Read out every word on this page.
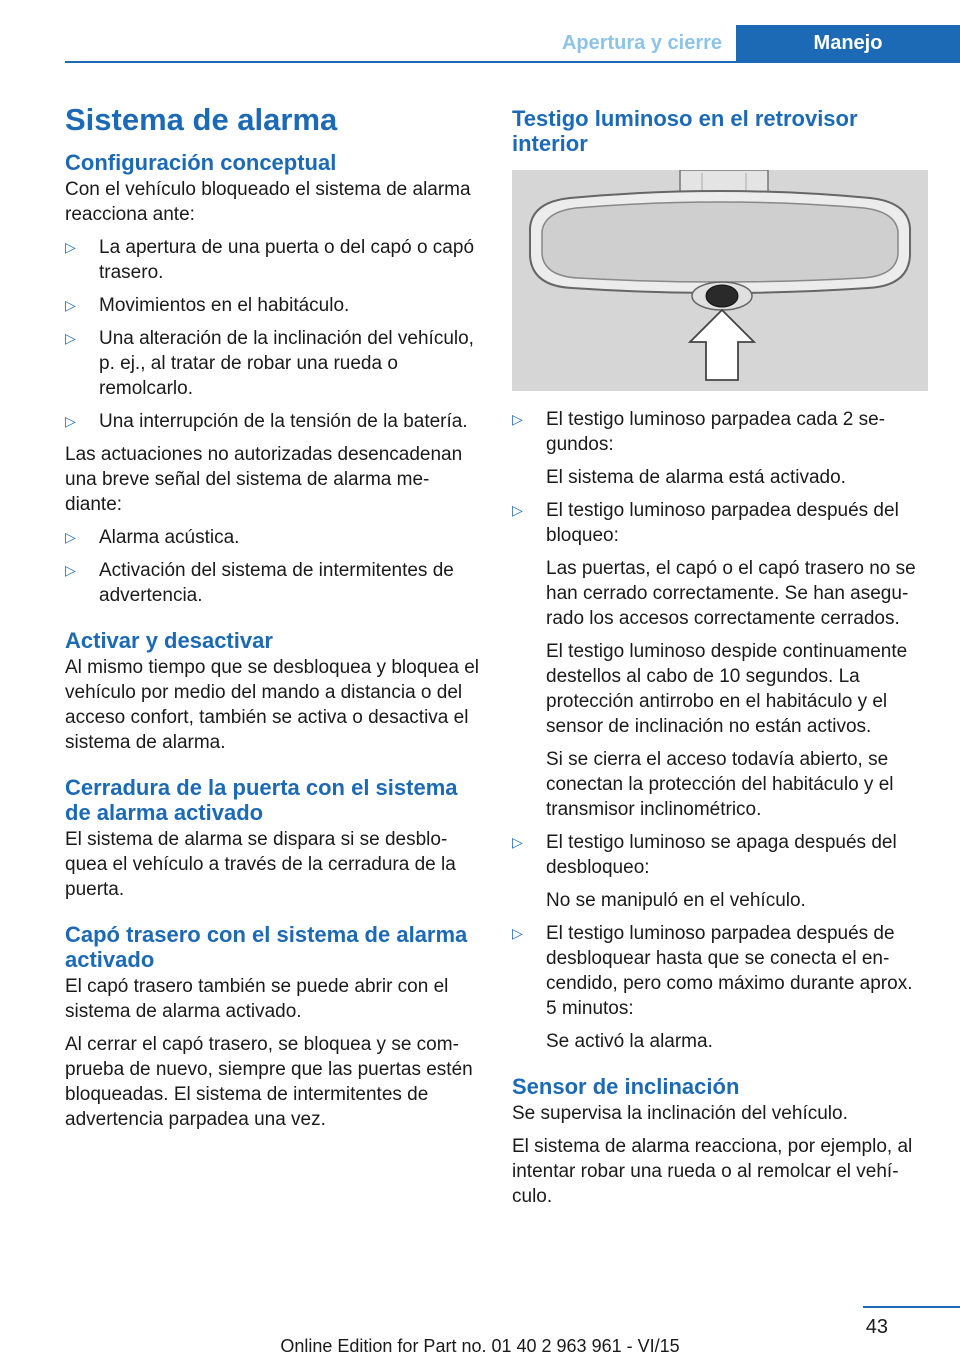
Apertura y cierre	Manejo
Sistema de alarma
Configuración conceptual

Con el vehículo bloqueado el sistema de alarma reacciona ante:

▷	La apertura de una puerta o del capó o capó trasero.
▷	Movimientos en el habitáculo.
▷	Una alteración de la inclinación del vehículo, p. ej., al tratar de robar una rueda o remolcarlo.
▷	Una interrupción de la tensión de la batería.

Las actuaciones no autorizadas desencadenan una breve señal del sistema de alarma mediante:

▷	Alarma acústica.
▷	Activación del sistema de intermitentes de advertencia.
Activar y desactivar

Al mismo tiempo que se desbloquea y bloquea el vehículo por medio del mando a distancia o del acceso confort, también se activa o desactiva el sistema de alarma.

Cerradura de la puerta con el sistema de alarma activado

El sistema de alarma se dispara si se desbloquea el vehículo a través de la cerradura de la puerta.

Capó trasero con el sistema de alarma activado

El capó trasero también se puede abrir con el sistema de alarma activado.

Al cerrar el capó trasero, se bloquea y se comprueba de nuevo, siempre que las puertas estén bloqueadas. El sistema de intermitentes de advertencia parpadea una vez.

Testigo luminoso en el retrovisor interior
▷	El testigo luminoso parpadea cada 2 segundos:

El sistema de alarma está activado.

▷	El testigo luminoso parpadea después del bloqueo:

Las puertas, el capó o el capó trasero no se han cerrado correctamente. Se han asegurado los accesos correctamente cerrados.

El testigo luminoso despide continuamente destellos al cabo de 10 segundos. La protección antirrobo en el habitáculo y el sensor de inclinación no están activos.

Si se cierra el acceso todavía abierto, se conectan la protección del habitáculo y el transmisor inclinométrico.

▷	El testigo luminoso se apaga después del desbloqueo:

No se manipuló en el vehículo.

▷	El testigo luminoso parpadea después de desbloquear hasta que se conecta el encendido, pero como máximo durante aprox. 5 minutos:

Se activó la alarma.

Sensor de inclinación

Se supervisa la inclinación del vehículo.

El sistema de alarma reacciona, por ejemplo, al intentar robar una rueda o al remolcar el vehículo.

43
Online Edition for Part no. 01 40 2 963 961 - VI/15
